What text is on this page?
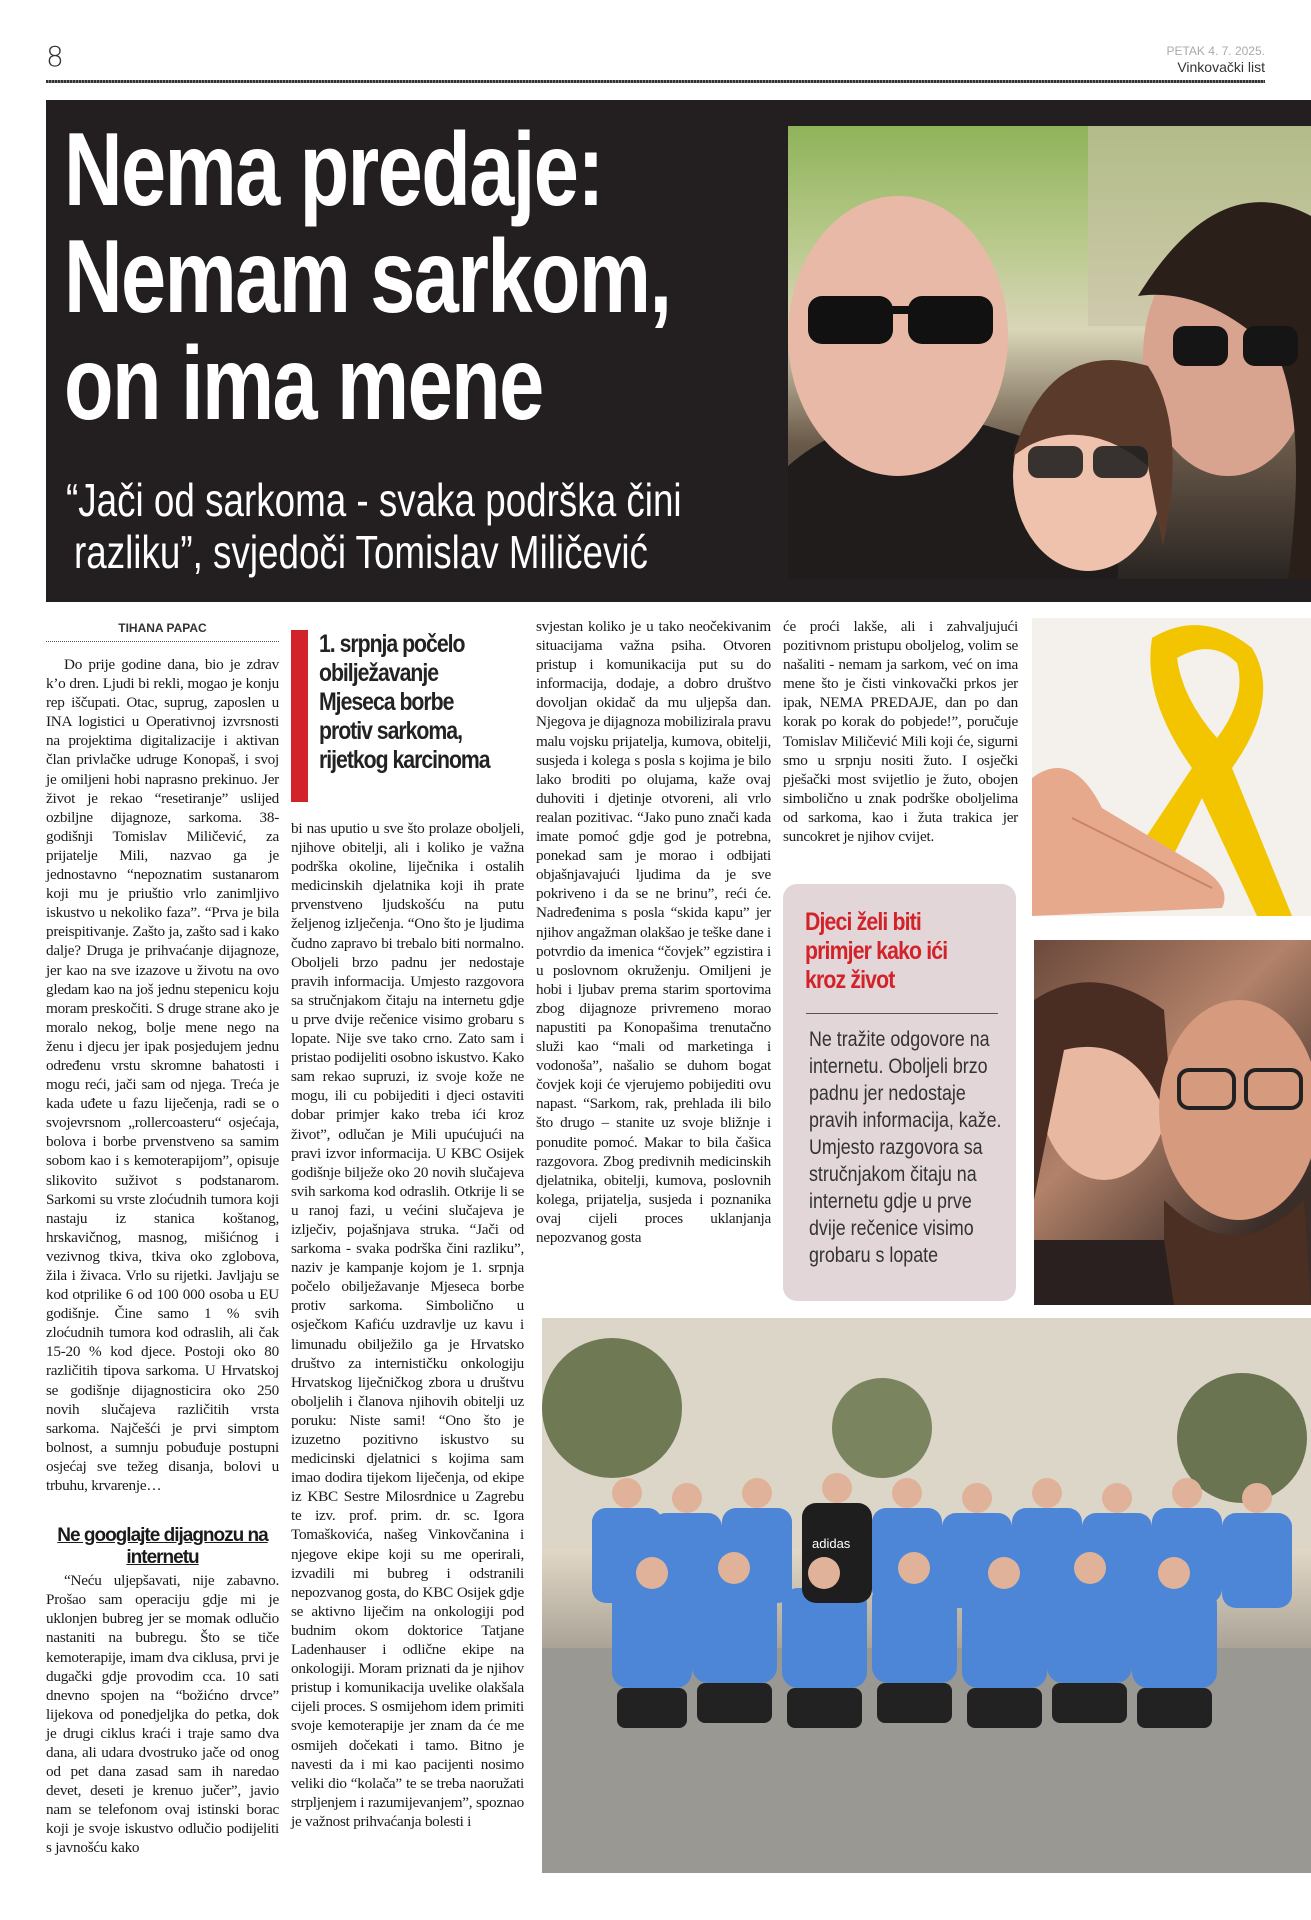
8	PETAK 4. 7. 2025.
Vinkovački list
Nema predaje:
Nemam sarkom,
on ima mene
“Jači od sarkoma - svaka podrška čini
razliku”, svjedoči Tomislav Miličević
TIHANA PAPAC

Do prije godine dana, bio je zdrav k’o dren. Ljudi bi rekli, mogao je konju rep iščupati. Otac, suprug, zaposlen u INA logistici u Operativnoj izvrsnosti na projektima digitalizacije i aktivan član privlačke udruge Konopaš, i svoj je omiljeni hobi naprasno prekinuo. Jer život je rekao “resetiranje” uslijed ozbiljne dijagnoze, sarkoma. 38-godišnji Tomislav Miličević, za prijatelje Mili, nazvao ga je jednostavno “nepoznatim sustanarom koji mu je priuštio vrlo zanimljivo iskustvo u nekoliko faza”. “Prva je bila preispitivanje. Zašto ja, zašto sad i kako dalje? Druga je prihvaćanje dijagnoze, jer kao na sve izazove u životu na ovo gledam kao na još jednu stepenicu koju moram preskočiti. S druge strane ako je moralo nekog, bolje mene nego na ženu i djecu jer ipak posjedujem jednu određenu vrstu skromne bahatosti i mogu reći, jači sam od njega. Treća je kada uđete u fazu liječenja, radi se o svojevrsnom „rollercoasteru“ osjećaja, bolova i borbe prvenstveno sa samim sobom kao i s kemoterapijom”, opisuje slikovito suživot s podstanarom. Sarkomi su vrste zloćudnih tumora koji nastaju iz stanica koštanog, hrskavičnog, masnog, mišićnog i vezivnog tkiva, tkiva oko zglobova, žila i živaca. Vrlo su rijetki. Javljaju se kod otprilike 6 od 100 000 osoba u EU godišnje. Čine samo 1 % svih zloćudnih tumora kod odraslih, ali čak 15-20 % kod djece. Postoji oko 80 različitih tipova sarkoma. U Hrvatskoj se godišnje dijagnosticira oko 250 novih slučajeva različitih vrsta sarkoma. Najčešći je prvi simptom bolnost, a sumnju pobuđuje postupni osjećaj sve težeg disanja, bolovi u trbuhu, krvarenje…

Ne googlajte dijagnozu na internetu

“Neću uljepšavati, nije zabavno. Prošao sam operaciju gdje mi je uklonjen bubreg jer se momak odlučio nastaniti na bubregu. Što se tiče kemoterapije, imam dva ciklusa, prvi je dugački gdje provodim cca. 10 sati dnevno spojen na “božićno drvce” lijekova od ponedjeljka do petka, dok je drugi ciklus kraći i traje samo dva dana, ali udara dvostruko jače od onog od pet dana zasad sam ih naredao devet, deseti je krenuo jučer”, javio nam se telefonom ovaj istinski borac koji je svoje iskustvo odlučio podijeliti s javnošću kako

1. srpnja počelo obilježavanje Mjeseca borbe protiv sarkoma, rijetkog karcinoma

bi nas uputio u sve što prolaze oboljeli, njihove obitelji, ali i koliko je važna podrška okoline, liječnika i ostalih medicinskih djelatnika koji ih prate prvenstveno ljudskošću na putu željenog izlječenja. “Ono što je ljudima čudno zapravo bi trebalo biti normalno. Oboljeli brzo padnu jer nedostaje pravih informacija. Umjesto razgovora sa stručnjakom čitaju na internetu gdje u prve dvije rečenice visimo grobaru s lopate. Nije sve tako crno. Zato sam i pristao podijeliti osobno iskustvo. Kako sam rekao supruzi, iz svoje kože ne mogu, ili cu pobijediti i djeci ostaviti dobar primjer kako treba ići kroz život”, odlučan je Mili upućujući na pravi izvor informacija. U KBC Osijek godišnje bilježe oko 20 novih slučajeva svih sarkoma kod odraslih. Otkrije li se u ranoj fazi, u većini slučajeva je izlječiv, pojašnjava struka. “Jači od sarkoma - svaka podrška čini razliku”, naziv je kampanje kojom je 1. srpnja počelo obilježavanje Mjeseca borbe protiv sarkoma. Simbolično u osječkom Kafiću uzdravlje uz kavu i limunadu obilježilo ga je Hrvatsko društvo za internističku onkologiju Hrvatskog liječničkog zbora u društvu oboljelih i članova njihovih obitelji uz poruku: Niste sami! “Ono što je izuzetno pozitivno iskustvo su medicinski djelatnici s kojima sam imao dodira tijekom liječenja, od ekipe iz KBC Sestre Milosrdnice u Zagrebu te izv. prof. prim. dr. sc. Igora Tomaškovića, našeg Vinkovčanina i njegove ekipe koji su me operirali, izvadili mi bubreg i odstranili nepozvanog gosta, do KBC Osijek gdje se aktivno liječim na onkologiji pod budnim okom doktorice Tatjane Ladenhauser i odlične ekipe na onkologiji. Moram priznati da je njihov pristup i komunikacija uvelike olakšala cijeli proces. S osmijehom idem primiti svoje kemoterapije jer znam da će me osmijeh dočekati i tamo. Bitno je navesti da i mi kao pacijenti nosimo veliki dio “kolača” te se treba naoružati strpljenjem i razumijevanjem”, spoznao je važnost prihvaćanja bolesti i

svjestan koliko je u tako neočekivanim situacijama važna psiha. Otvoren pristup i komunikacija put su do informacija, dodaje, a dobro društvo dovoljan okidač da mu uljepša dan. Njegova je dijagnoza mobilizirala pravu malu vojsku prijatelja, kumova, obitelji, susjeda i kolega s posla s kojima je bilo lako broditi po olujama, kaže ovaj duhoviti i djetinje otvoreni, ali vrlo realan pozitivac. “Jako puno znači kada imate pomoć gdje god je potrebna, ponekad sam je morao i odbijati objašnjavajući ljudima da je sve pokriveno i da se ne brinu”, reći će. Nadređenima s posla “skida kapu” jer njihov angažman olakšao je teške dane i potvrdio da imenica “čovjek” egzistira i u poslovnom okruženju. Omiljeni je hobi i ljubav prema starim sportovima zbog dijagnoze privremeno morao napustiti pa Konopašima trenutačno služi kao “mali od marketinga i vodonoša”, našalio se duhom bogat čovjek koji će vjerujemo pobijediti ovu napast. “Sarkom, rak, prehlada ili bilo što drugo – stanite uz svoje bližnje i ponudite pomoć. Makar to bila čašica razgovora. Zbog predivnih medicinskih djelatnika, obitelji, kumova, poslovnih kolega, prijatelja, susjeda i poznanika ovaj cijeli proces uklanjanja nepozvanog gosta

će proći lakše, ali i zahvaljujući pozitivnom pristupu oboljelog, volim se našaliti - nemam ja sarkom, već on ima mene što je čisti vinkovački prkos jer ipak, NEMA PREDAJE, dan po dan korak po korak do pobjede!”, poručuje Tomislav Miličević Mili koji će, sigurni smo u srpnju nositi žuto. I osječki pješački most svijetlio je žuto, obojen simbolično u znak podrške oboljelima od sarkoma, kao i žuta trakica jer suncokret je njihov cvijet.

Djeci želi biti primjer kako ići kroz život
Ne tražite odgovore na internetu. Oboljeli brzo padnu jer nedostaje pravih informacija, kaže. Umjesto razgovora sa stručnjakom čitaju na internetu gdje u prve dvije rečenice visimo grobaru s lopate
adidas
